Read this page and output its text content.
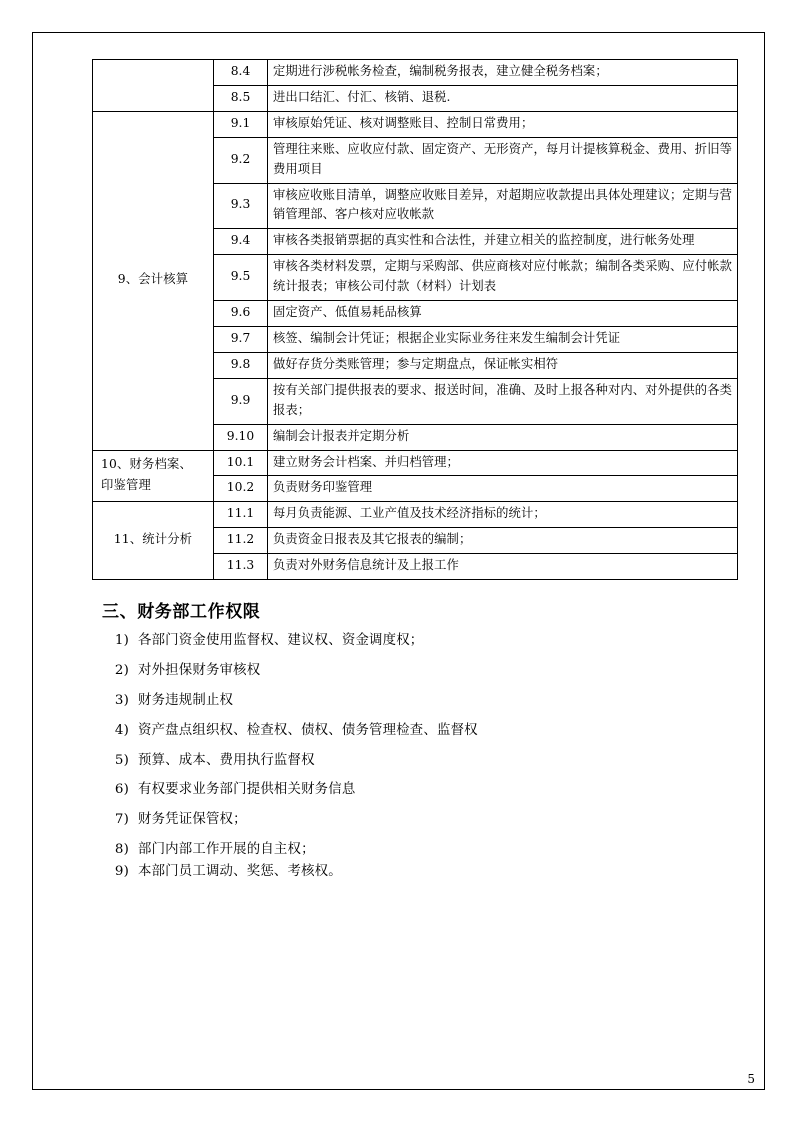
	8.4	定期进行涉税帐务检查，编制税务报表，建立健全税务档案；
	8.5	进出口结汇、付汇、核销、退税.
9、会计核算	9.1	审核原始凭证、核对调整账目、控制日常费用；
	9.2	管理往来账、应收应付款、固定资产、无形资产，每月计提核算税金、费用、折旧等费用项目
	9.3	审核应收账目清单，调整应收账目差异，对超期应收款提出具体处理建议；定期与营销管理部、客户核对应收帐款
	9.4	审核各类报销票据的真实性和合法性，并建立相关的监控制度，进行帐务处理
	9.5	审核各类材料发票，定期与采购部、供应商核对应付帐款；编制各类采购、应付帐款统计报表；审核公司付款（材料）计划表
	9.6	固定资产、低值易耗品核算
	9.7	核签、编制会计凭证；根据企业实际业务往来发生编制会计凭证
	9.8	做好存货分类账管理；参与定期盘点，保证帐实相符
	9.9	按有关部门提供报表的要求、报送时间，准确、及时上报各种对内、对外提供的各类报表；
	9.10	编制会计报表并定期分析

10、财务档案、
印鉴管理	10.1	建立财务会计档案、并归档管理；
	10.2	负责财务印鉴管理
11、统计分析	11.1	每月负责能源、工业产值及技术经济指标的统计；
	11.2	负责资金日报表及其它报表的编制；
	11.3	负责对外财务信息统计及上报工作
三、财务部工作权限
1) 各部门资金使用监督权、建议权、资金调度权；
2) 对外担保财务审核权
3) 财务违规制止权
4) 资产盘点组织权、检查权、债权、债务管理检查、监督权
5) 预算、成本、费用执行监督权
6) 有权要求业务部门提供相关财务信息
7) 财务凭证保管权；
8) 部门内部工作开展的自主权；
9) 本部门员工调动、奖惩、考核权。
5
